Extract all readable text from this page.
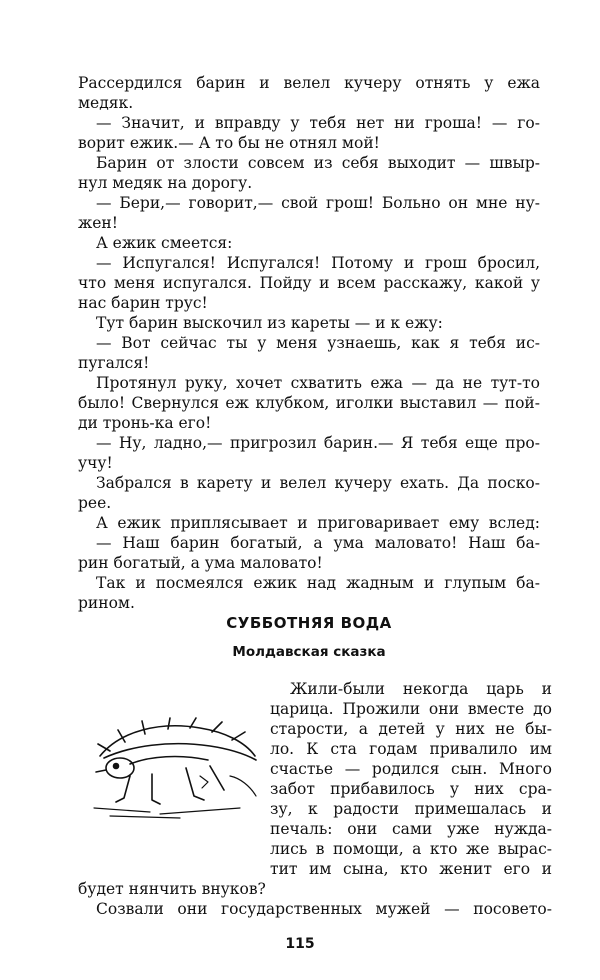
Рассердился барин и велел кучеру отнять у ежа
медяк.
— Значит, и вправду у тебя нет ни гроша! — го-
ворит ежик.— А то бы не отнял мой!
Барин от злости совсем из себя выходит — швыр-
нул медяк на дорогу.
— Бери,— говорит,— свой грош! Больно он мне ну-
жен!
А ежик смеется:
— Испугался! Испугался! Потому и грош бросил,
что меня испугался. Пойду и всем расскажу, какой у
нас барин трус!
Тут барин выскочил из кареты — и к ежу:
— Вот сейчас ты у меня узнаешь, как я тебя ис-
пугался!
Протянул руку, хочет схватить ежа — да не тут-то
было! Свернулся еж клубком, иголки выставил — пой-
ди тронь-ка его!
— Ну, ладно,— пригрозил барин.— Я тебя еще про-
учу!
Забрался в карету и велел кучеру ехать. Да поско-
рее.
А ежик приплясывает и приговаривает ему вслед:
— Наш барин богатый, а ума маловато! Наш ба-
рин богатый, а ума маловато!
Так и посмеялся ежик над жадным и глупым ба-
рином.
СУББОТНЯЯ ВОДА
Молдавская сказка
Жили-были некогда царь и
царица. Прожили они вместе до
старости, а детей у них не бы-
ло. К ста годам привалило им
счастье — родился сын. Много
забот прибавилось у них сра-
зу, к радости примешалась и
печаль: они сами уже нужда-
лись в помощи, а кто же вырас-
тит им сына, кто женит его и
будет нянчить внуков?
Созвали они государственных мужей — посовето-
115
